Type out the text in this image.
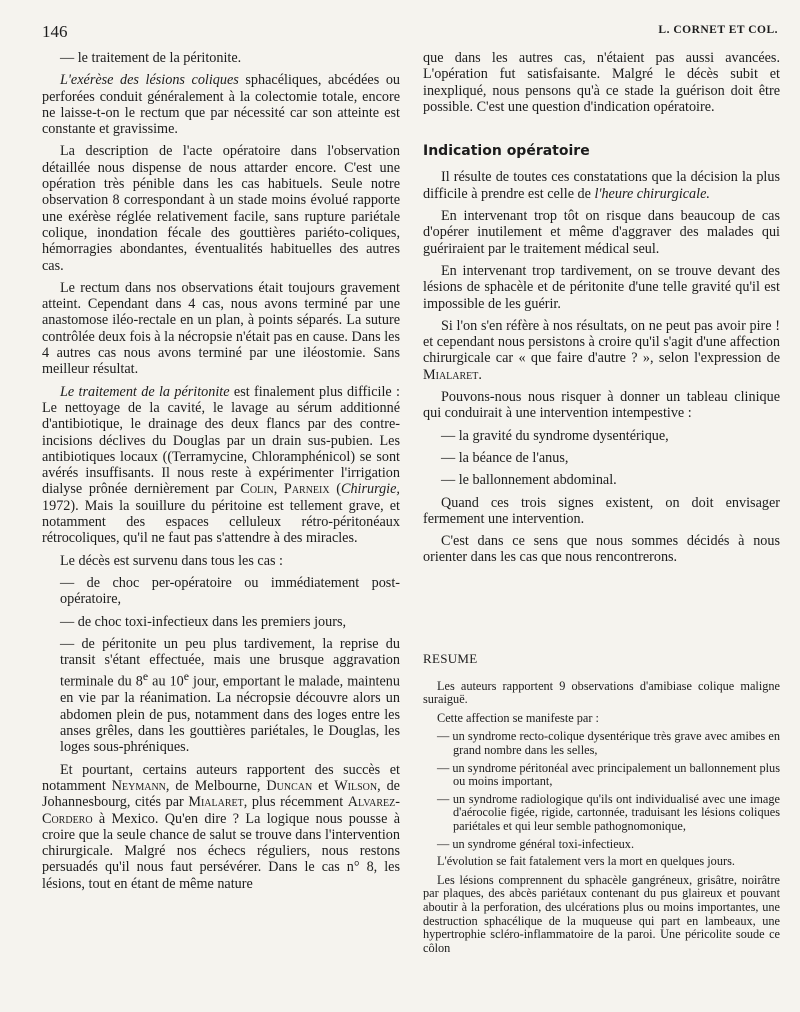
146	L. CORNET ET COL.

— le traitement de la péritonite.

L'exérèse des lésions coliques sphacéliques, abcédées ou perforées conduit généralement à la colectomie totale, encore ne laisse-t-on le rectum que par nécessité car son atteinte est constante et gravissime.

La description de l'acte opératoire dans l'observation détaillée nous dispense de nous attarder encore. C'est une opération très pénible dans les cas habituels. Seule notre observation 8 correspondant à un stade moins évolué rapporte une exérèse réglée relativement facile, sans rupture pariétale colique, inondation fécale des gouttières pariéto-coliques, hémorragies abondantes, éventualités habituelles des autres cas.

Le rectum dans nos observations était toujours gravement atteint. Cependant dans 4 cas, nous avons terminé par une anastomose iléo-rectale en un plan, à points séparés. La suture contrôlée deux fois à la nécropsie n'était pas en cause. Dans les 4 autres cas nous avons terminé par une iléostomie. Sans meilleur résultat.

Le traitement de la péritonite est finalement plus difficile : Le nettoyage de la cavité, le lavage au sérum additionné d'antibiotique, le drainage des deux flancs par des contre-incisions déclives du Douglas par un drain sus-pubien. Les antibiotiques locaux ((Terramycine, Chloramphénicol) se sont avérés insuffisants. Il nous reste à expérimenter l'irrigation dialyse prônée dernièrement par Colin, Parneix (Chirurgie, 1972). Mais la souillure du péritoine est tellement grave, et notamment des espaces celluleux rétro-péritonéaux rétrocoliques, qu'il ne faut pas s'attendre à des miracles.

Le décès est survenu dans tous les cas :

— de choc per-opératoire ou immédiatement post-opératoire,

— de choc toxi-infectieux dans les premiers jours,

— de péritonite un peu plus tardivement, la reprise du transit s'étant effectuée, mais une brusque aggravation terminale du 8e au 10e jour, emportant le malade, maintenu en vie par la réanimation. La nécropsie découvre alors un abdomen plein de pus, notamment dans des loges entre les anses grêles, dans les gouttières pariétales, le Douglas, les loges sous-phréniques.

Et pourtant, certains auteurs rapportent des succès et notamment Neymann, de Melbourne, Duncan et Wilson, de Johannesbourg, cités par Mialaret, plus récemment Alvarez-Cordero à Mexico. Qu'en dire ? La logique nous pousse à croire que la seule chance de salut se trouve dans l'intervention chirurgicale. Malgré nos échecs réguliers, nous restons persuadés qu'il nous faut persévérer. Dans le cas n° 8, les lésions, tout en étant de même nature

que dans les autres cas, n'étaient pas aussi avancées. L'opération fut satisfaisante. Malgré le décès subit et inexpliqué, nous pensons qu'à ce stade la guérison doit être possible. C'est une question d'indication opératoire.

Indication opératoire

Il résulte de toutes ces constatations que la décision la plus difficile à prendre est celle de l'heure chirurgicale.

En intervenant trop tôt on risque dans beaucoup de cas d'opérer inutilement et même d'aggraver des malades qui guériraient par le traitement médical seul.

En intervenant trop tardivement, on se trouve devant des lésions de sphacèle et de péritonite d'une telle gravité qu'il est impossible de les guérir.

Si l'on s'en réfère à nos résultats, on ne peut pas avoir pire ! et cependant nous persistons à croire qu'il s'agit d'une affection chirurgicale car « que faire d'autre ? », selon l'expression de Mialaret.

Pouvons-nous nous risquer à donner un tableau clinique qui conduirait à une intervention intempestive :

— la gravité du syndrome dysentérique,

— la béance de l'anus,

— le ballonnement abdominal.

Quand ces trois signes existent, on doit envisager fermement une intervention.

C'est dans ce sens que nous sommes décidés à nous orienter dans les cas que nous rencontrerons.

RESUME

Les auteurs rapportent 9 observations d'amibiase colique maligne suraiguë.

Cette affection se manifeste par :

— un syndrome recto-colique dysentérique très grave avec amibes en grand nombre dans les selles,

— un syndrome péritonéal avec principalement un ballonnement plus ou moins important,

— un syndrome radiologique qu'ils ont individualisé avec une image d'aérocolie figée, rigide, cartonnée, traduisant les lésions coliques pariétales et qui leur semble pathognomonique,

— un syndrome général toxi-infectieux.

L'évolution se fait fatalement vers la mort en quelques jours.

Les lésions comprennent du sphacèle gangréneux, grisâtre, noirâtre par plaques, des abcès pariétaux contenant du pus glaireux et pouvant aboutir à la perforation, des ulcérations plus ou moins importantes, une destruction sphacélique de la muqueuse qui part en lambeaux, une hypertrophie scléro-inflammatoire de la paroi. Une péricolite soude ce côlon
